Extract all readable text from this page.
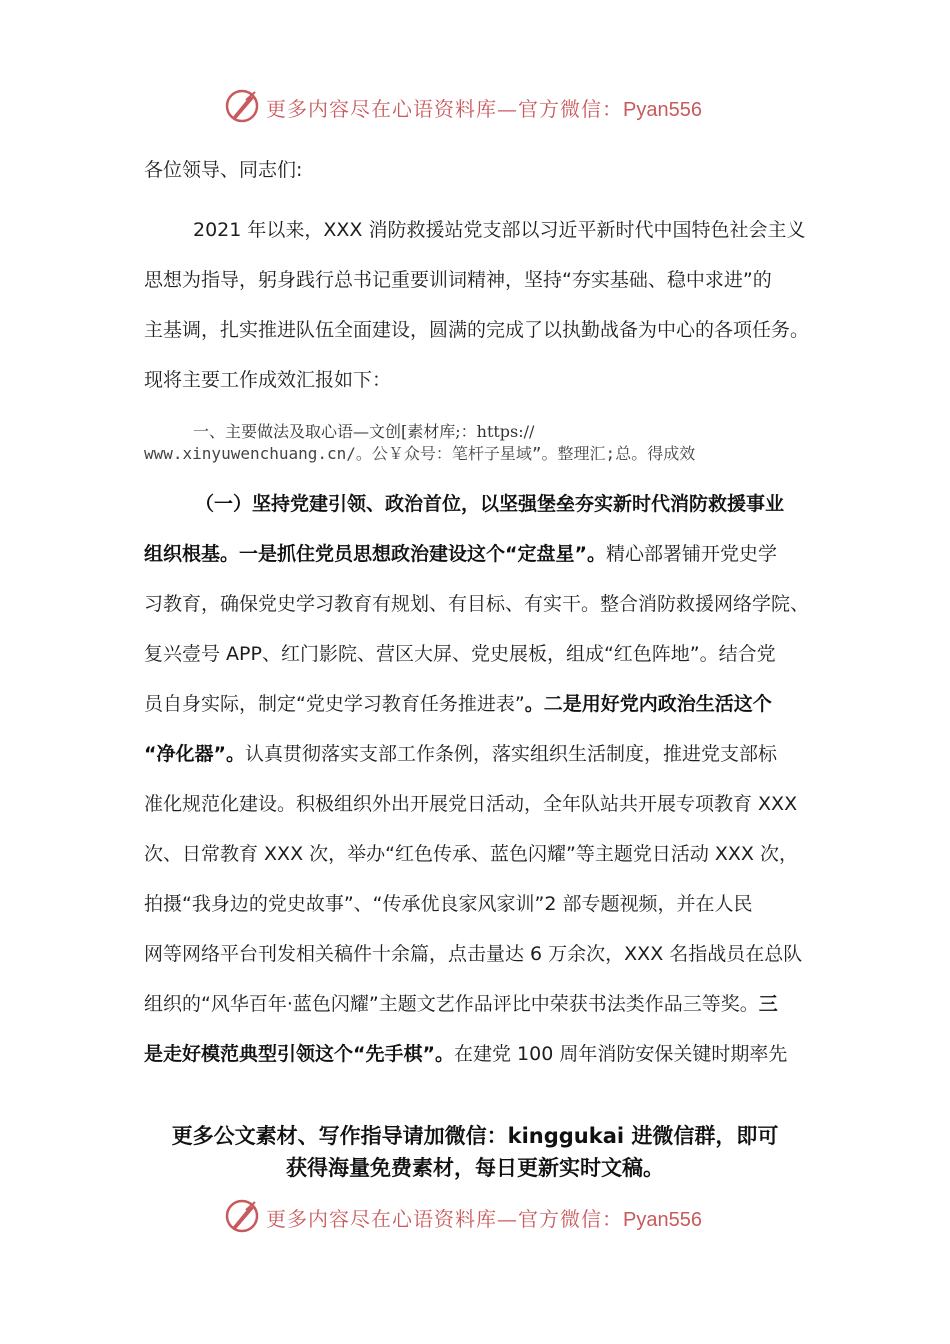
更多内容尽在心语资料库—官方微信：Pyan556
各位领导、同志们:
2021 年以来，XXX 消防救援站党支部以习近平新时代中国特色社会主义
思想为指导，躬身践行总书记重要训词精神，坚持“夯实基础、稳中求进”的
主基调，扎实推进队伍全面建设，圆满的完成了以执勤战备为中心的各项任务。
现将主要工作成效汇报如下：
一、主要做法及取心语—文创[素材库;：https://
www.xinyuwenchuang.cn/。公￥众号：笔杆子星域”。整理汇;总。得成效
（一）坚持党建引领、政治首位，以坚强堡垒夯实新时代消防救援事业
组织根基。一是抓住党员思想政治建设这个“定盘星”。精心部署铺开党史学
习教育，确保党史学习教育有规划、有目标、有实干。整合消防救援网络学院、
复兴壹号 APP、红门影院、营区大屏、党史展板，组成“红色阵地”。结合党
员自身实际，制定“党史学习教育任务推进表”。二是用好党内政治生活这个
“净化器”。认真贯彻落实支部工作条例，落实组织生活制度，推进党支部标
准化规范化建设。积极组织外出开展党日活动，全年队站共开展专项教育 XXX
次、日常教育 XXX 次，举办“红色传承、蓝色闪耀”等主题党日活动 XXX 次，
拍摄“我身边的党史故事”、“传承优良家风家训”2 部专题视频，并在人民
网等网络平台刊发相关稿件十余篇，点击量达 6 万余次，XXX 名指战员在总队
组织的“风华百年·蓝色闪耀”主题文艺作品评比中荣获书法类作品三等奖。三
是走好模范典型引领这个“先手棋”。在建党 100 周年消防安保关键时期率先
更多公文素材、写作指导请加微信：kinggukai 进微信群，即可
获得海量免费素材，每日更新实时文稿。
更多内容尽在心语资料库—官方微信：Pyan556
